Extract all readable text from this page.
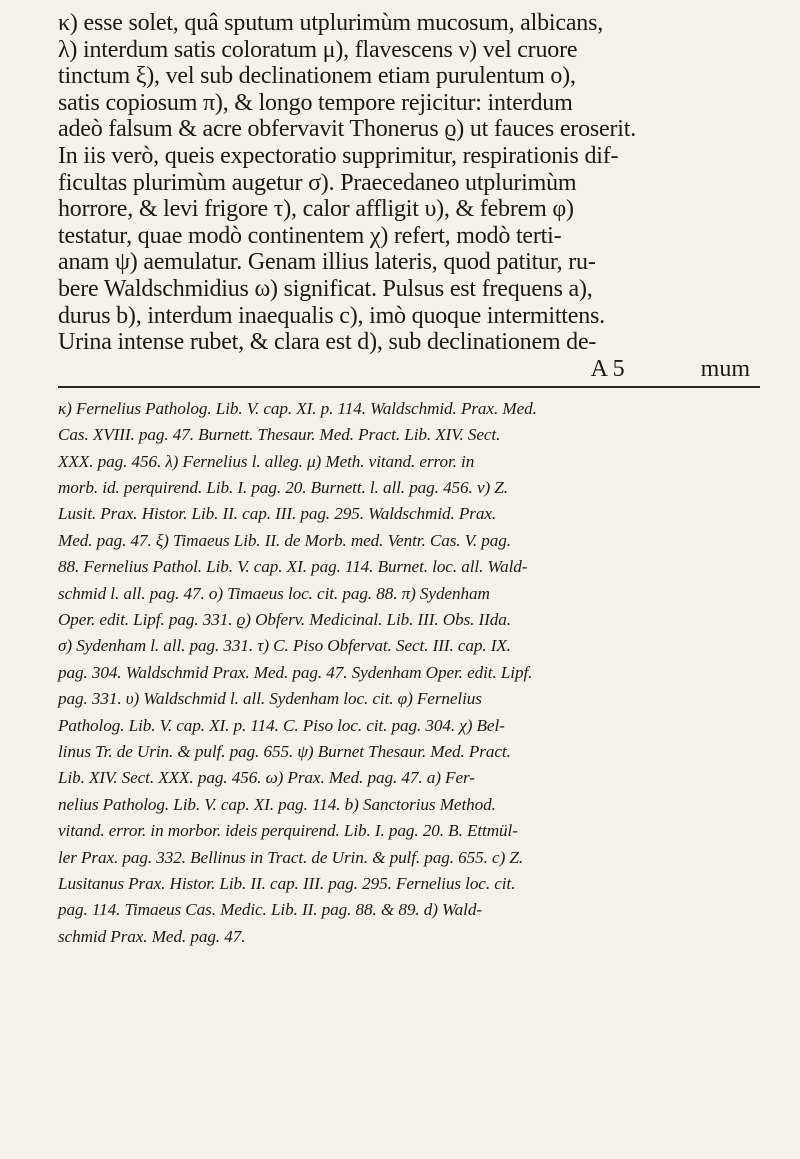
κ) esse solet, quâ sputum utplurimùm mucosum, albicans,
λ) interdum satis coloratum μ), flavescens ν) vel cruore
tinctum ξ), vel sub declinationem etiam purulentum ο),
satis copiosum π), & longo tempore rejicitur: interdum
adeò falsum & acre obfervavit Thonerus ϱ) ut fauces eroserit.
In iis verò, queis expectoratio supprimitur, respirationis dif-
ficultas plurimùm augetur σ). Praecedaneo utplurimùm
horrore, & levi frigore τ), calor affligit υ), & febrem φ)
testatur, quae modò continentem χ) refert, modò terti-
anam ψ) aemulatur. Genam illius lateris, quod patitur, ru-
bere Waldschmidius ω) significat. Pulsus est frequens a),
durus b), interdum inaequalis c), imò quoque intermittens.
Urina intense rubet, & clara est d), sub declinationem de-
A 5	mum
κ) Fernelius Patholog. Lib. V. cap. XI. p. 114. Waldschmid. Prax. Med.
Cas. XVIII. pag. 47. Burnett. Thesaur. Med. Pract. Lib. XIV. Sect.
XXX. pag. 456. λ) Fernelius l. alleg. μ) Meth. vitand. error. in
morb. id. perquirend. Lib. I. pag. 20. Burnett. l. all. pag. 456. ν) Z.
Lusit. Prax. Histor. Lib. II. cap. III. pag. 295. Waldschmid. Prax.
Med. pag. 47. ξ) Timaeus Lib. II. de Morb. med. Ventr. Cas. V. pag.
88. Fernelius Pathol. Lib. V. cap. XI. pag. 114. Burnet. loc. all. Wald-
schmid l. all. pag. 47. ο) Timaeus loc. cit. pag. 88. π) Sydenham
Oper. edit. Lipf. pag. 331. ϱ) Obferv. Medicinal. Lib. III. Obs. IIda.
σ) Sydenham l. all. pag. 331. τ) C. Piso Obfervat. Sect. III. cap. IX.
pag. 304. Waldschmid Prax. Med. pag. 47. Sydenham Oper. edit. Lipf.
pag. 331. υ) Waldschmid l. all. Sydenham loc. cit. φ) Fernelius
Patholog. Lib. V. cap. XI. p. 114. C. Piso loc. cit. pag. 304. χ) Bel-
linus Tr. de Urin. & pulf. pag. 655. ψ) Burnet Thesaur. Med. Pract.
Lib. XIV. Sect. XXX. pag. 456. ω) Prax. Med. pag. 47. a) Fer-
nelius Patholog. Lib. V. cap. XI. pag. 114. b) Sanctorius Method.
vitand. error. in morbor. ideis perquirend. Lib. I. pag. 20. B. Ettmül-
ler Prax. pag. 332. Bellinus in Tract. de Urin. & pulf. pag. 655. c) Z.
Lusitanus Prax. Histor. Lib. II. cap. III. pag. 295. Fernelius loc. cit.
pag. 114. Timaeus Cas. Medic. Lib. II. pag. 88. & 89. d) Wald-
schmid Prax. Med. pag. 47.
